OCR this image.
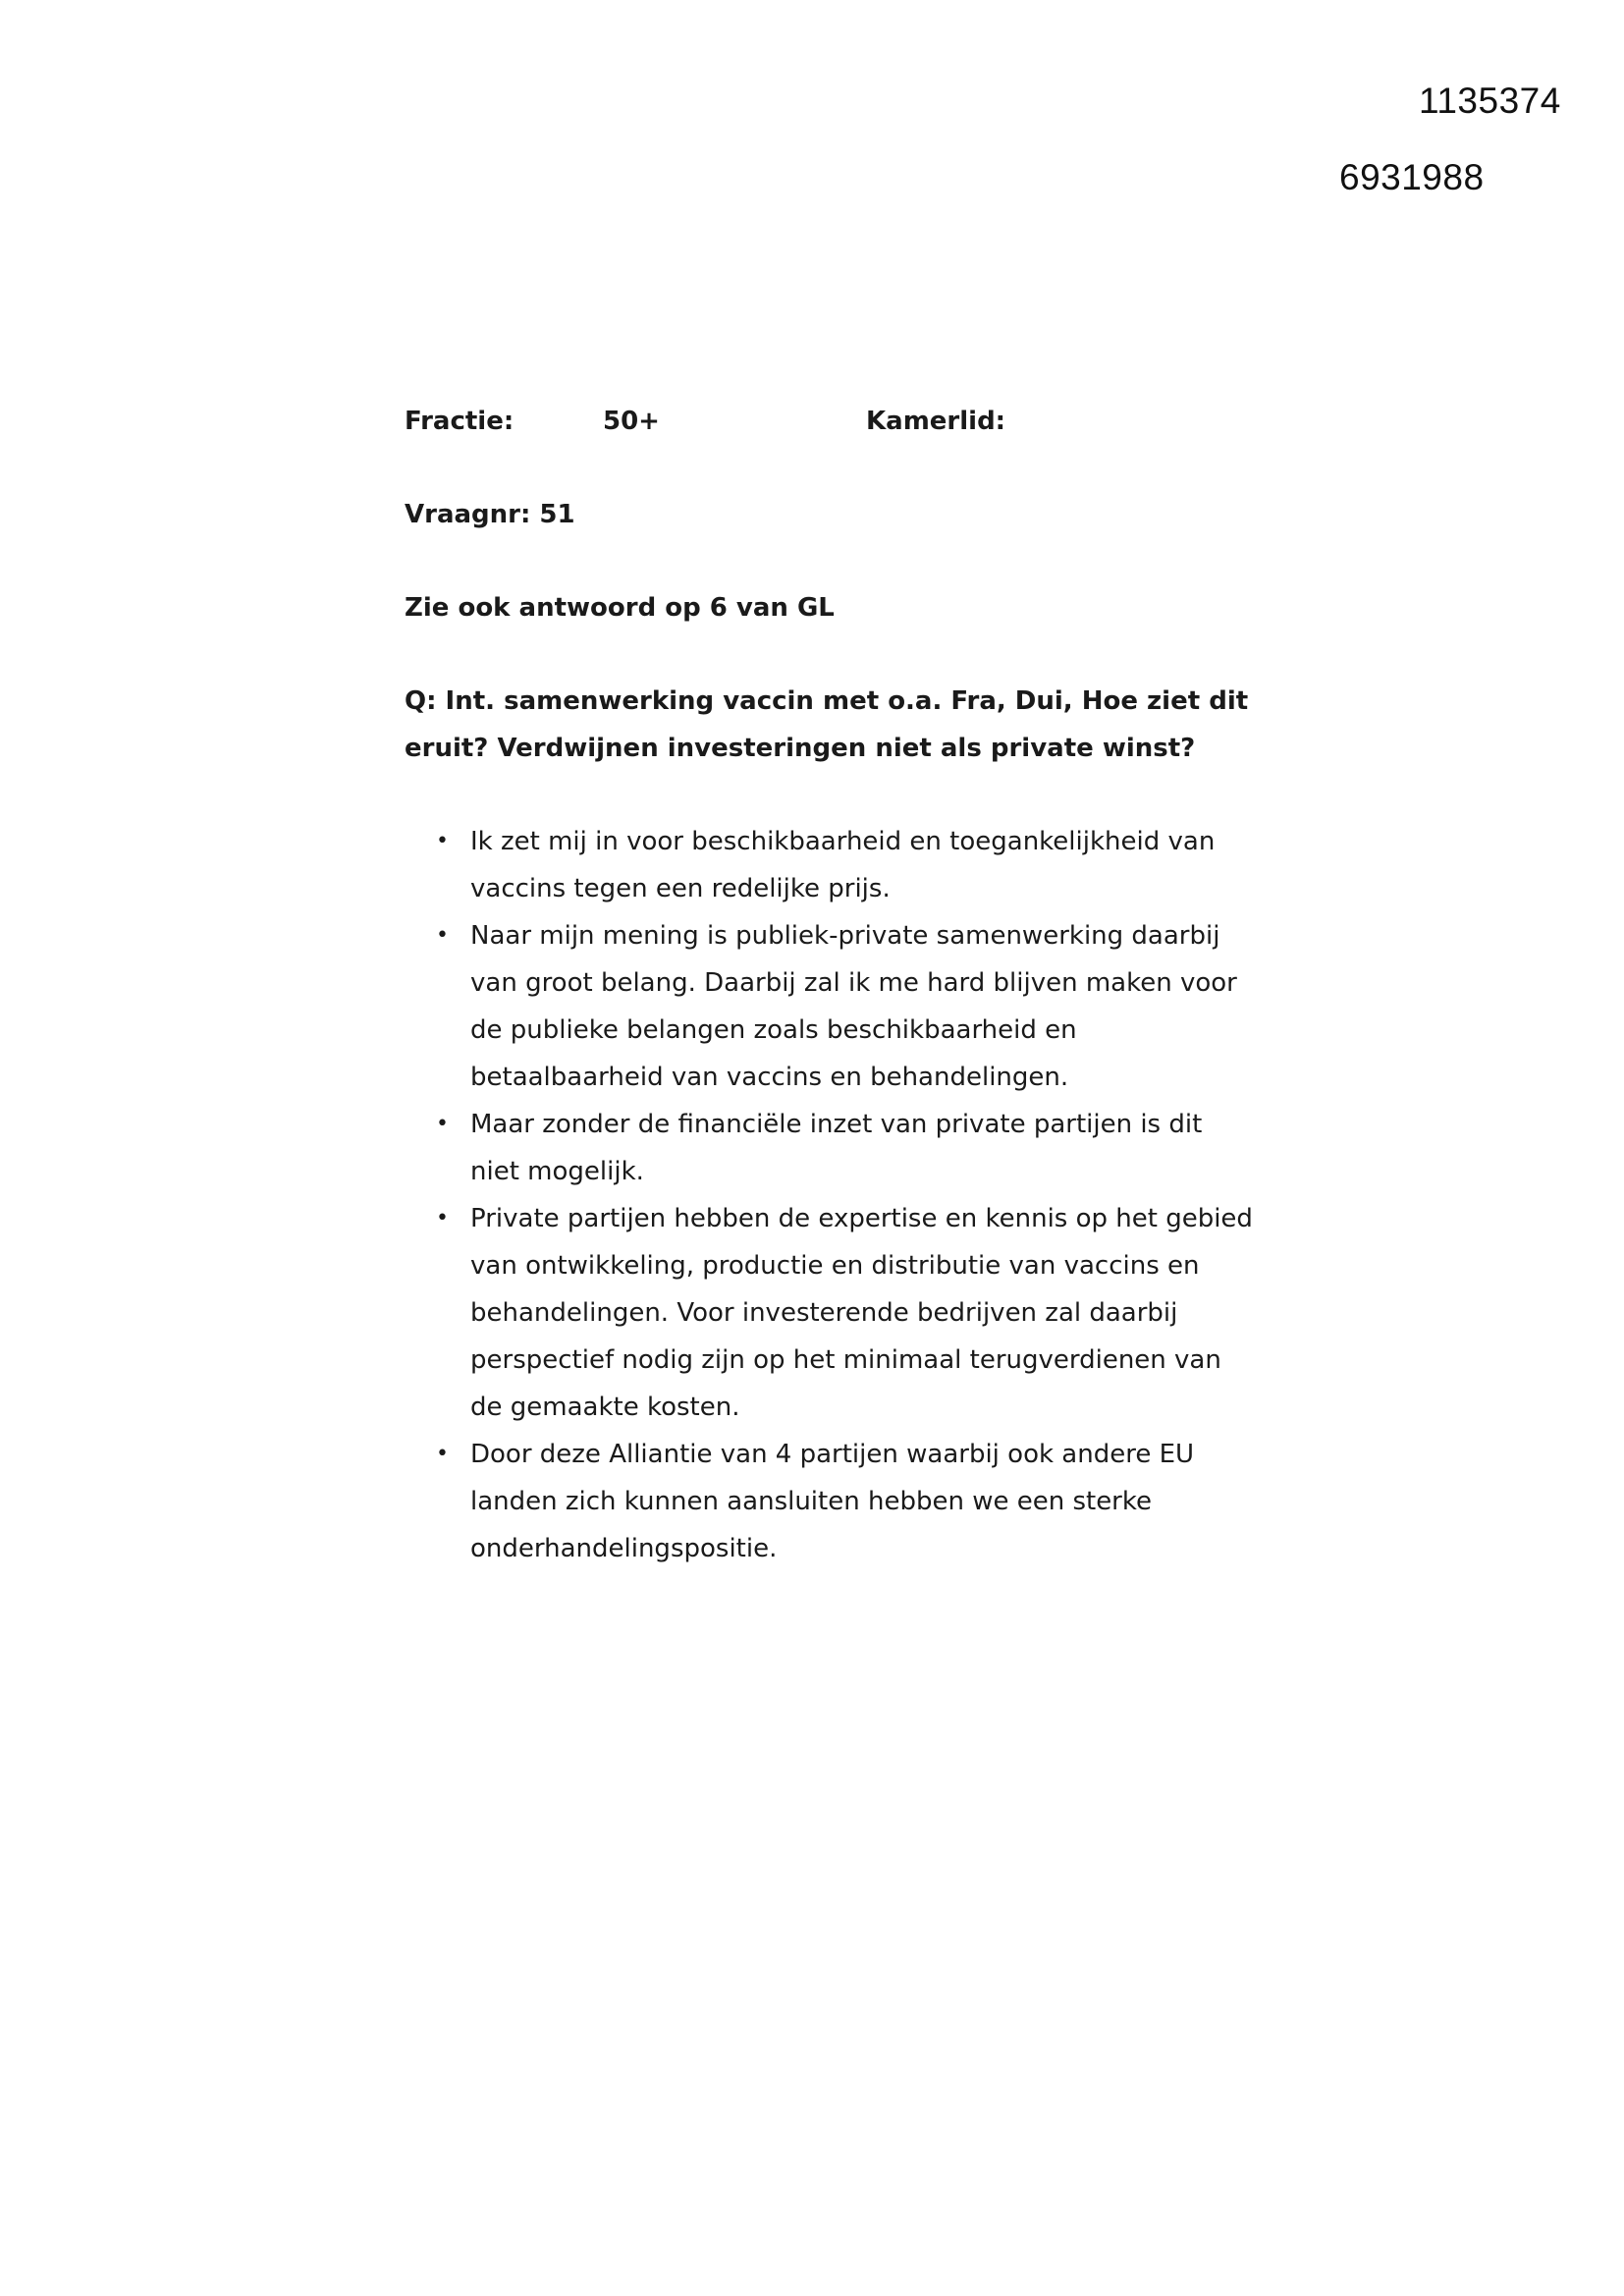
1135374
6931988
Fractie:	50+	Kamerlid:
Vraagnr: 51
Zie ook antwoord op 6 van GL
Q: Int. samenwerking vaccin met o.a. Fra, Dui, Hoe ziet dit eruit? Verdwijnen investeringen niet als private winst?
• Ik zet mij in voor beschikbaarheid en toegankelijkheid van vaccins tegen een redelijke prijs.
• Naar mijn mening is publiek-private samenwerking daarbij van groot belang. Daarbij zal ik me hard blijven maken voor de publieke belangen zoals beschikbaarheid en betaalbaarheid van vaccins en behandelingen.
• Maar zonder de financiële inzet van private partijen is dit niet mogelijk.
• Private partijen hebben de expertise en kennis op het gebied van ontwikkeling, productie en distributie van vaccins en behandelingen. Voor investerende bedrijven zal daarbij perspectief nodig zijn op het minimaal terugverdienen van de gemaakte kosten.
• Door deze Alliantie van 4 partijen waarbij ook andere EU landen zich kunnen aansluiten hebben we een sterke onderhandelingspositie.
